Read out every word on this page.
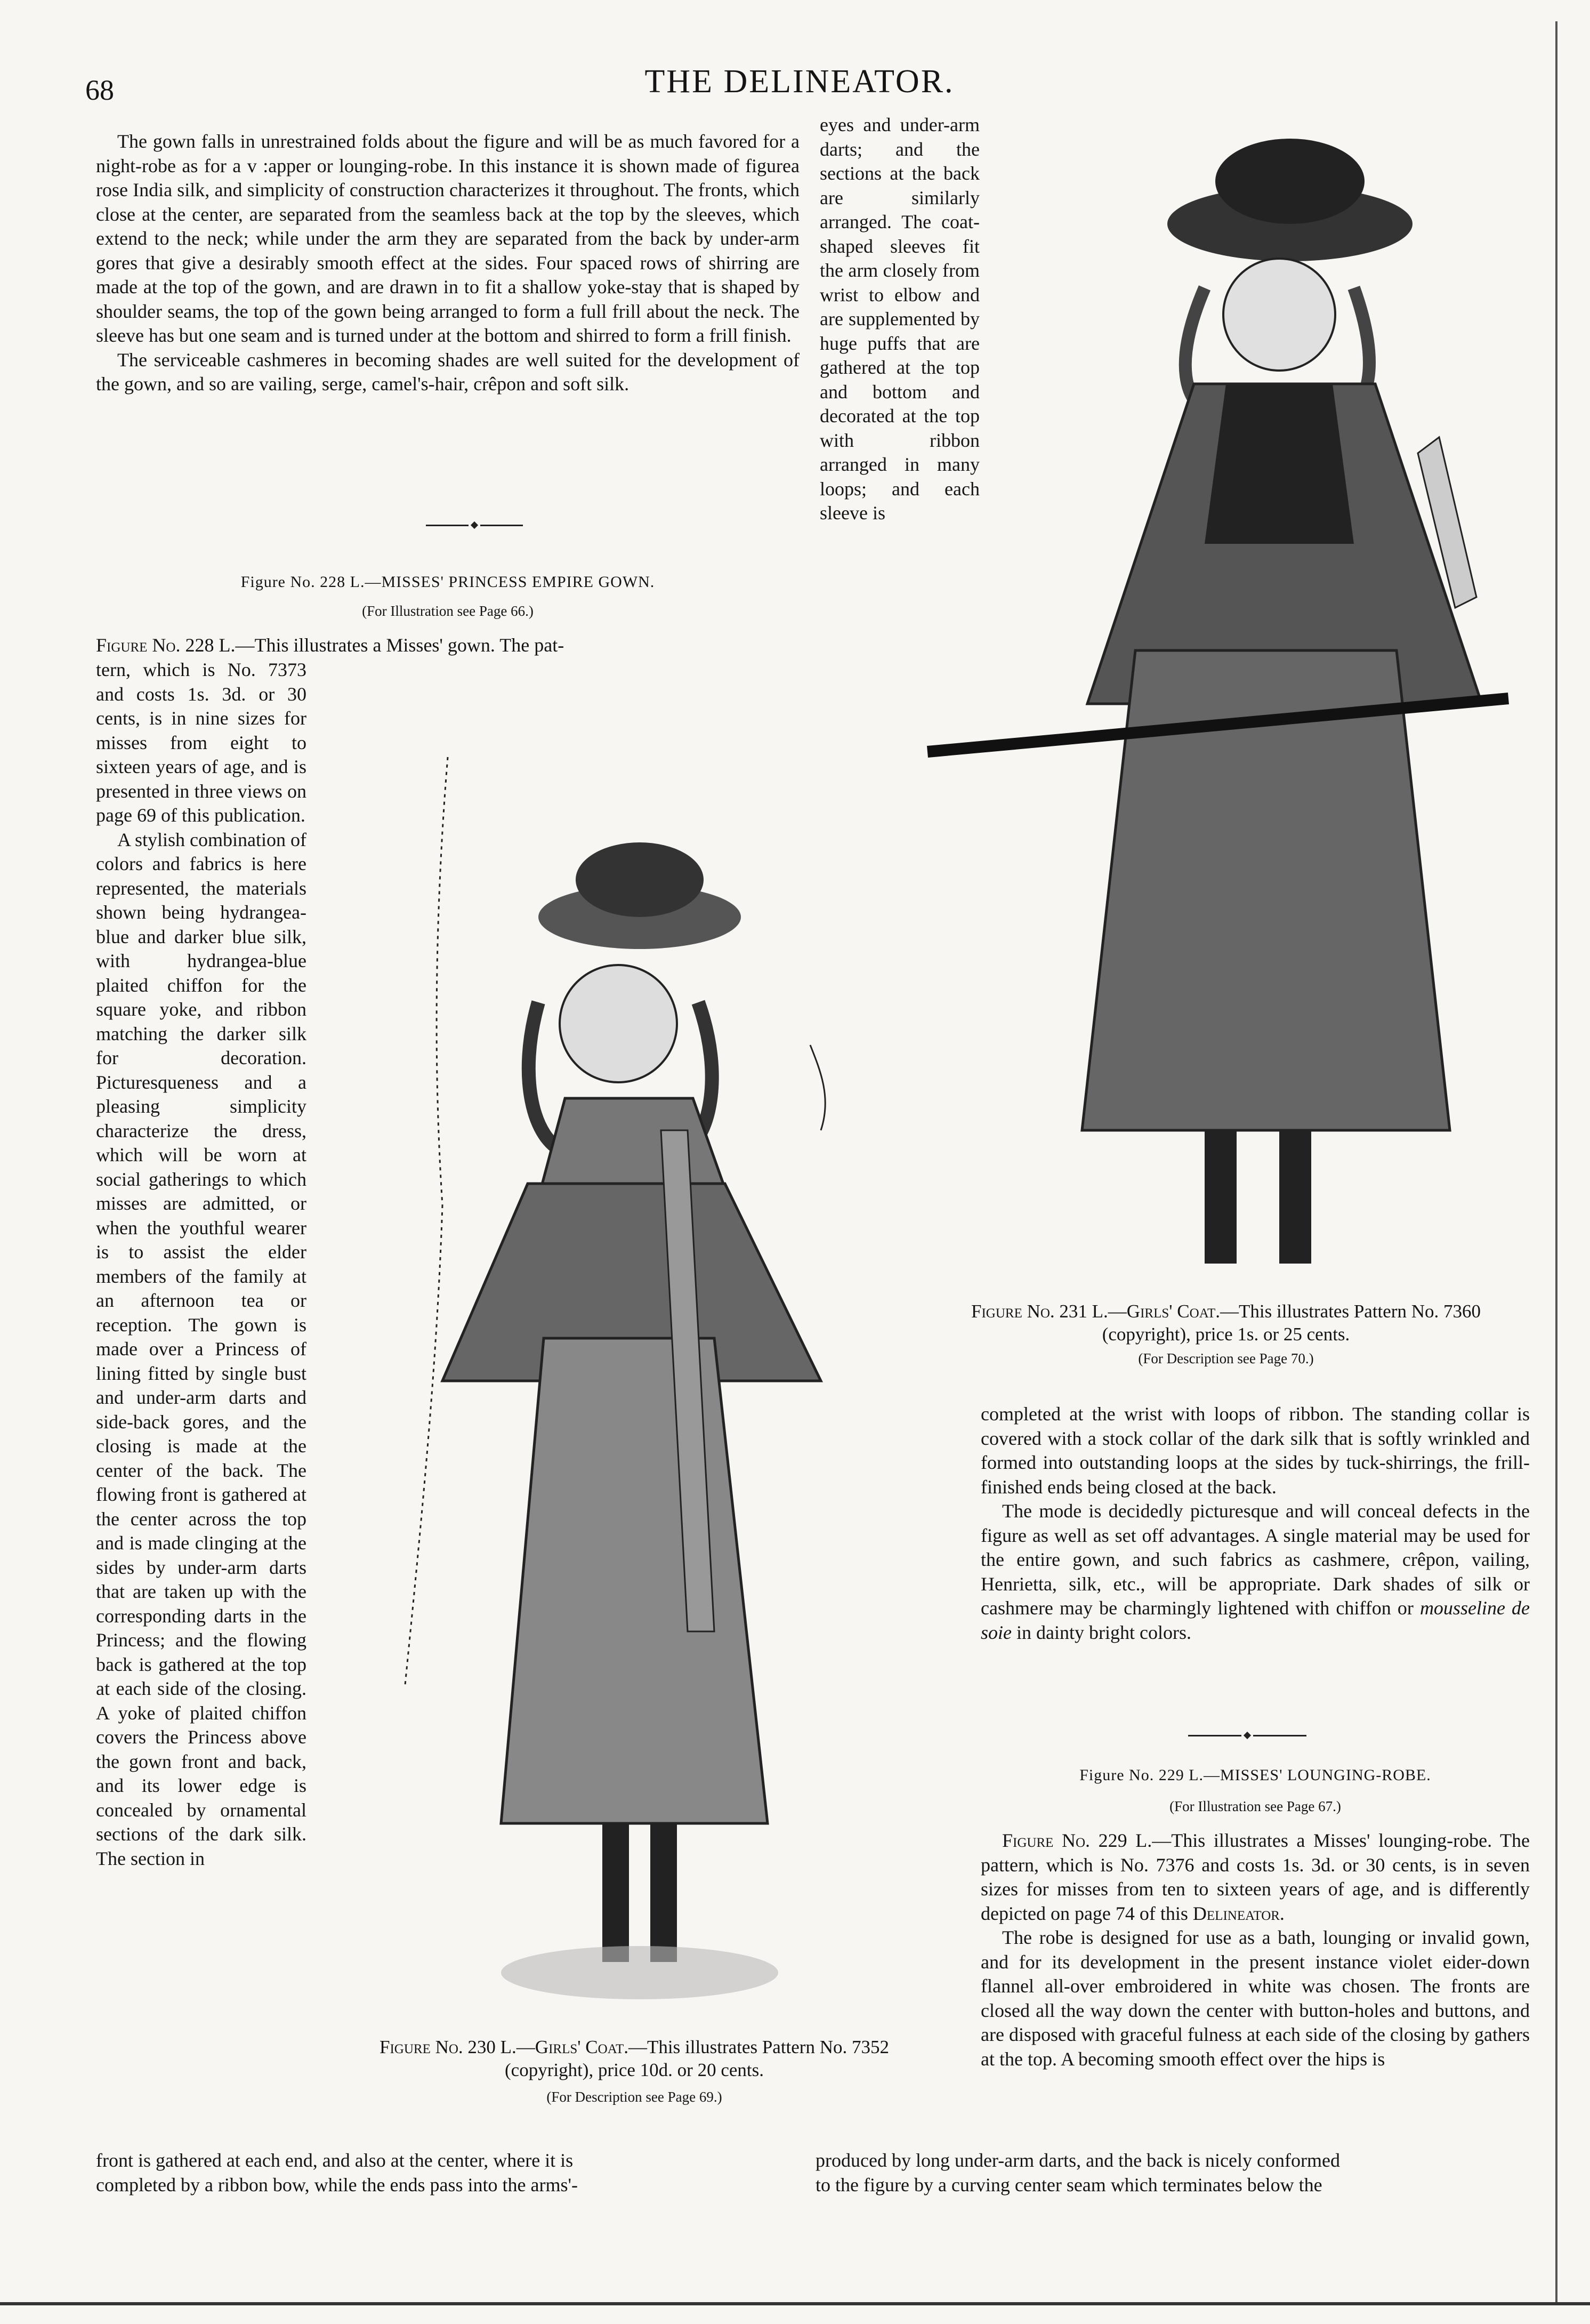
68	THE DELINEATOR.

The gown falls in unrestrained folds about the figure and will be as much favored for a night-robe as for a v :apper or lounging-robe. In this instance it is shown made of figurea rose India silk, and simplicity of construction characterizes it throughout. The fronts, which close at the center, are separated from the seamless back at the top by the sleeves, which extend to the neck; while under the arm they are separated from the back by under-arm gores that give a desirably smooth effect at the sides. Four spaced rows of shirring are made at the top of the gown, and are drawn in to fit a shallow yoke-stay that is shaped by shoulder seams, the top of the gown being arranged to form a full frill about the neck. The sleeve has but one seam and is turned under at the bottom and shirred to form a frill finish.

The serviceable cashmeres in becoming shades are well suited for the development of the gown, and so are vailing, serge, camel's-hair, crêpon and soft silk.

Figure No. 228 L.—MISSES' PRINCESS EMPIRE GOWN.
(For Illustration see Page 66.)
Figure No. 228 L.—This illustrates a Misses' gown. The pat-

tern, which is No. 7373 and costs 1s. 3d. or 30 cents, is in nine sizes for misses from eight to sixteen years of age, and is presented in three views on page 69 of this publication.

A stylish combination of colors and fabrics is here represented, the materials shown being hydrangea-blue and darker blue silk, with hydrangea-blue plaited chiffon for the square yoke, and ribbon matching the darker silk for decoration. Picturesqueness and a pleasing simplicity characterize the dress, which will be worn at social gatherings to which misses are admitted, or when the youthful wearer is to assist the elder members of the family at an afternoon tea or reception. The gown is made over a Princess of lining fitted by single bust and under-arm darts and side-back gores, and the closing is made at the center of the back. The flowing front is gathered at the center across the top and is made clinging at the sides by under-arm darts that are taken up with the corresponding darts in the Princess; and the flowing back is gathered at the top at each side of the closing. A yoke of plaited chiffon covers the Princess above the gown front and back, and its lower edge is concealed by ornamental sections of the dark silk. The section in

front is gathered at each end, and also at the center, where it is

completed by a ribbon bow, while the ends pass into the arms'-

eyes and under-arm darts; and the sections at the back are similarly arranged. The coat-shaped sleeves fit the arm closely from wrist to elbow and are supplemented by huge puffs that are gathered at the top and bottom and decorated at the top with ribbon arranged in many loops; and each sleeve is

Figure No. 230 L.—Girls' Coat.—This illustrates Pattern No. 7352 (copyright), price 10d. or 20 cents.
(For Description see Page 69.)
Figure No. 231 L.—Girls' Coat.—This illustrates Pattern No. 7360 (copyright), price 1s. or 25 cents.
(For Description see Page 70.)

completed at the wrist with loops of ribbon. The standing collar is covered with a stock collar of the dark silk that is softly wrinkled and formed into outstanding loops at the sides by tuck-shirrings, the frill-finished ends being closed at the back.

The mode is decidedly picturesque and will conceal defects in the figure as well as set off advantages. A single material may be used for the entire gown, and such fabrics as cashmere, crêpon, vailing, Henrietta, silk, etc., will be appropriate. Dark shades of silk or cashmere may be charmingly lightened with chiffon or mousseline de soie in dainty bright colors.

Figure No. 229 L.—MISSES' LOUNGING-ROBE.
(For Illustration see Page 67.)

Figure No. 229 L.—This illustrates a Misses' lounging-robe. The pattern, which is No. 7376 and costs 1s. 3d. or 30 cents, is in seven sizes for misses from ten to sixteen years of age, and is differently depicted on page 74 of this Delineator.

The robe is designed for use as a bath, lounging or invalid gown, and for its development in the present instance violet eider-down flannel all-over embroidered in white was chosen. The fronts are closed all the way down the center with button-holes and buttons, and are disposed with graceful fulness at each side of the closing by gathers at the top. A becoming smooth effect over the hips is

produced by long under-arm darts, and the back is nicely conformed

to the figure by a curving center seam which terminates below the
